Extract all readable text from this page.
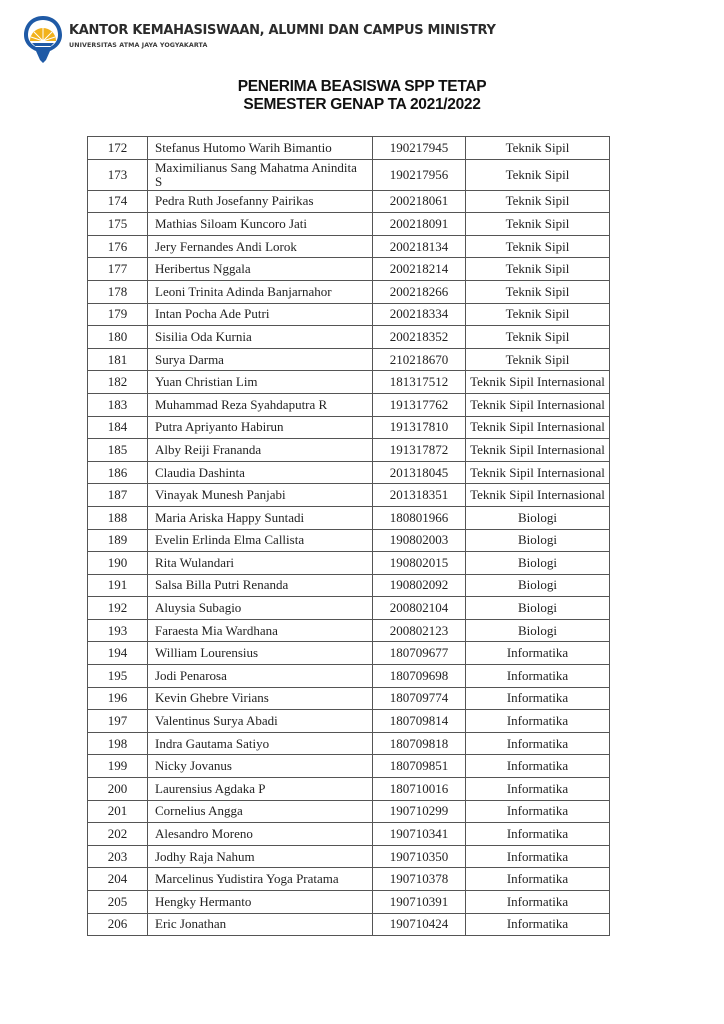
KANTOR KEMAHASISWAAN, ALUMNI DAN CAMPUS MINISTRY
UNIVERSITAS ATMA JAYA YOGYAKARTA
PENERIMA BEASISWA SPP TETAP
SEMESTER GENAP TA 2021/2022
172	Stefanus Hutomo Warih Bimantio	190217945	Teknik Sipil
173	Maximilianus Sang Mahatma Anindita S	190217956	Teknik Sipil
174	Pedra Ruth Josefanny Pairikas	200218061	Teknik Sipil
175	Mathias Siloam Kuncoro Jati	200218091	Teknik Sipil
176	Jery Fernandes Andi Lorok	200218134	Teknik Sipil
177	Heribertus Nggala	200218214	Teknik Sipil
178	Leoni Trinita Adinda Banjarnahor	200218266	Teknik Sipil
179	Intan Pocha Ade Putri	200218334	Teknik Sipil
180	Sisilia Oda Kurnia	200218352	Teknik Sipil
181	Surya Darma	210218670	Teknik Sipil
182	Yuan Christian Lim	181317512	Teknik Sipil Internasional
183	Muhammad Reza Syahdaputra R	191317762	Teknik Sipil Internasional
184	Putra Apriyanto Habirun	191317810	Teknik Sipil Internasional
185	Alby Reiji Frananda	191317872	Teknik Sipil Internasional
186	Claudia Dashinta	201318045	Teknik Sipil Internasional
187	Vinayak Munesh Panjabi	201318351	Teknik Sipil Internasional
188	Maria Ariska Happy Suntadi	180801966	Biologi
189	Evelin Erlinda Elma Callista	190802003	Biologi
190	Rita Wulandari	190802015	Biologi
191	Salsa Billa Putri Renanda	190802092	Biologi
192	Aluysia Subagio	200802104	Biologi
193	Faraesta Mia Wardhana	200802123	Biologi
194	William Lourensius	180709677	Informatika
195	Jodi Penarosa	180709698	Informatika
196	Kevin Ghebre Virians	180709774	Informatika
197	Valentinus Surya Abadi	180709814	Informatika
198	Indra Gautama Satiyo	180709818	Informatika
199	Nicky Jovanus	180709851	Informatika
200	Laurensius Agdaka P	180710016	Informatika
201	Cornelius Angga	190710299	Informatika
202	Alesandro Moreno	190710341	Informatika
203	Jodhy Raja Nahum	190710350	Informatika
204	Marcelinus Yudistira Yoga Pratama	190710378	Informatika
205	Hengky Hermanto	190710391	Informatika
206	Eric Jonathan	190710424	Informatika
